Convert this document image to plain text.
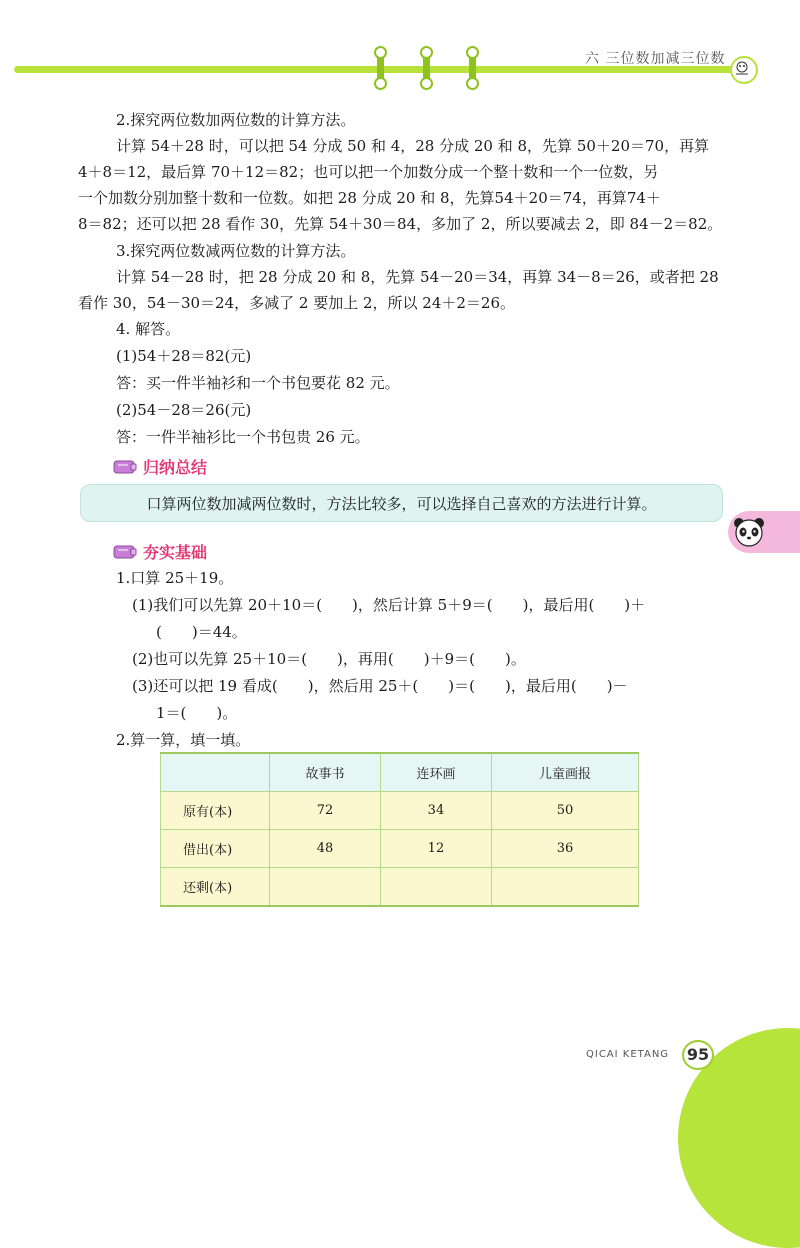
六 三位数加减三位数
2.探究两位数加两位数的计算方法。
计算 54＋28 时，可以把 54 分成 50 和 4，28 分成 20 和 8，先算 50＋20＝70，再算
4＋8＝12，最后算 70＋12＝82；也可以把一个加数分成一个整十数和一个一位数，另
一个加数分别加整十数和一位数。如把 28 分成 20 和 8，先算54＋20＝74，再算74＋
8＝82；还可以把 28 看作 30，先算 54＋30＝84，多加了 2，所以要减去 2，即 84－2＝82。
3.探究两位数减两位数的计算方法。
计算 54－28 时，把 28 分成 20 和 8，先算 54－20＝34，再算 34－8＝26，或者把 28
看作 30，54－30＝24，多减了 2 要加上 2，所以 24＋2＝26。
4. 解答。
(1)54＋28＝82(元)
答：买一件半袖衫和一个书包要花 82 元。
(2)54－28＝26(元)
答：一件半袖衫比一个书包贵 26 元。
归纳总结
口算两位数加减两位数时，方法比较多，可以选择自己喜欢的方法进行计算。
夯实基础
1.口算 25＋19。
(1)我们可以先算 20＋10＝(　　)，然后计算 5＋9＝(　　)，最后用(　　)＋
(　　)＝44。
(2)也可以先算 25＋10＝(　　)，再用(　　)＋9＝(　　)。
(3)还可以把 19 看成(　　)，然后用 25＋(　　)＝(　　)，最后用(　　)－
1＝(　　)。
2.算一算，填一填。
	故事书	连环画	儿童画报
原有(本)	72	34	50
借出(本)	48	12	36
还剩(本)			
QICAI KETANG	95
